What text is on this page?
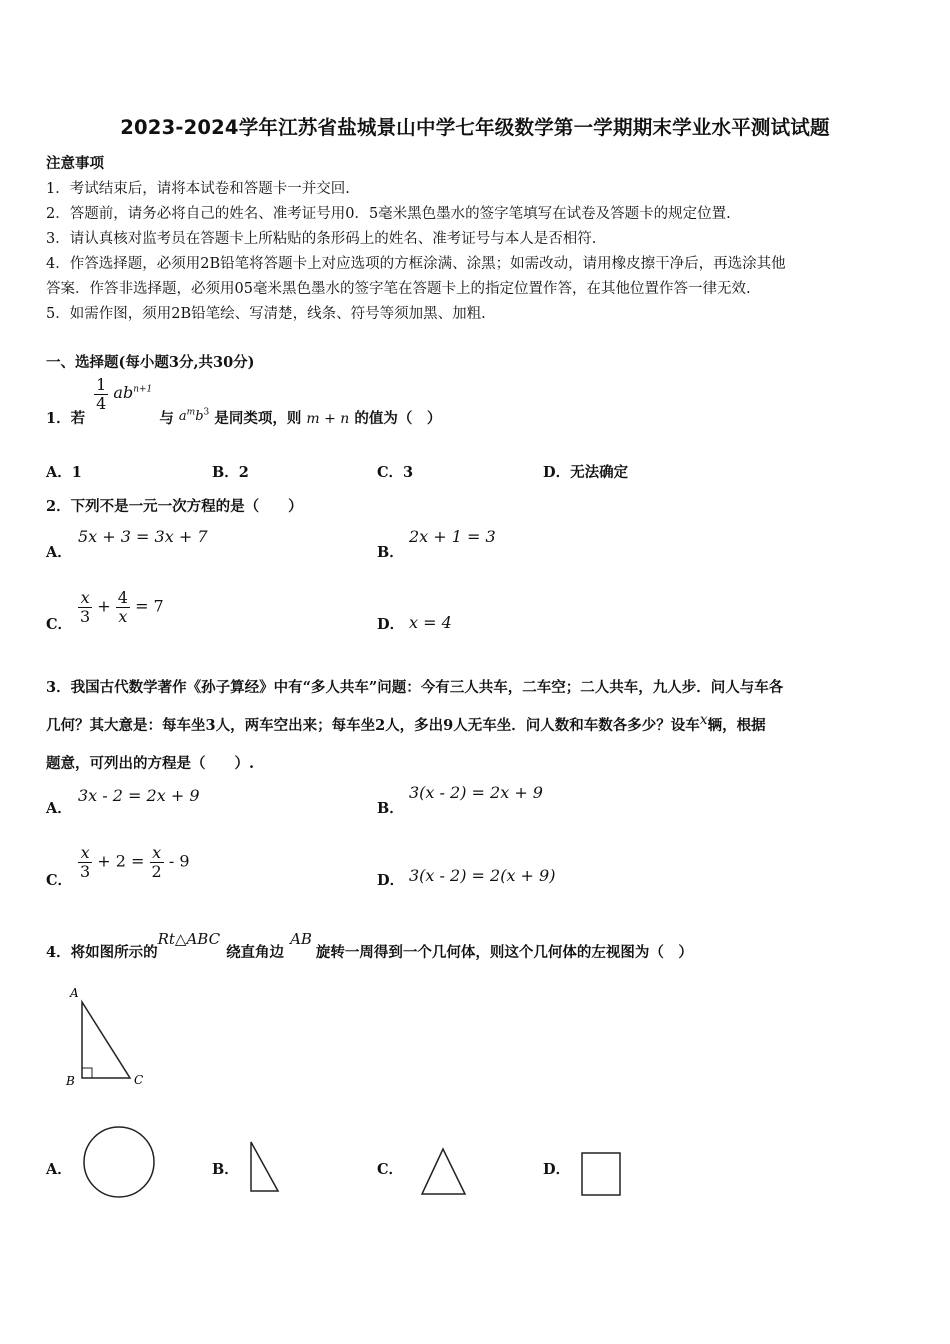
2023-2024学年江苏省盐城景山中学七年级数学第一学期期末学业水平测试试题
注意事项
1．考试结束后，请将本试卷和答题卡一并交回.
2．答题前，请务必将自己的姓名、准考证号用0．5毫米黑色墨水的签字笔填写在试卷及答题卡的规定位置.
3．请认真核对监考员在答题卡上所粘贴的条形码上的姓名、准考证号与本人是否相符.
4．作答选择题，必须用2B铅笔将答题卡上对应选项的方框涂满、涂黑；如需改动，请用橡皮擦干净后，再选涂其他
答案．作答非选择题，必须用05毫米黑色墨水的签字笔在答题卡上的指定位置作答，在其他位置作答一律无效.
5．如需作图，须用2B铅笔绘、写清楚，线条、符号等须加黑、加粗.
一、选择题(每小题3分,共30分)
1．若
$\frac{1}{4} ab^{n+1}$ 与 $a^mb^3$ 是同类项，则 m + n 的值为（　）
A．1	B．2	C．3	D．无法确定
2．下列不是一元一次方程的是（　　）
A．
5x + 3 = 3x + 7
B．
2x + 1 = 3
C． $\frac{x}{3} + \frac{4}{x} = 7$
D． x = 4
3．我国古代数学著作《孙子算经》中有“多人共车”问题：今有三人共车，二车空；二人共车，九人步．问人与车各
几何？其大意是：每车坐3人，两车空出来；每车坐2人，多出9人无车坐．问人数和车数各多少？设车x辆，根据
题意，可列出的方程是（　　）.
A．
3x - 2 = 2x + 9
B．
3(x - 2) = 2x + 9
C．
$\frac{x}{3} + 2 = \frac{x}{2} - 9$
D． 3(x - 2) = 2(x + 9)
4．将如图所示的Rt△ABC绕直角边AB旋转一周得到一个几何体，则这个几何体的左视图为（　）
A
B	C
A．	B．	C．	D．
